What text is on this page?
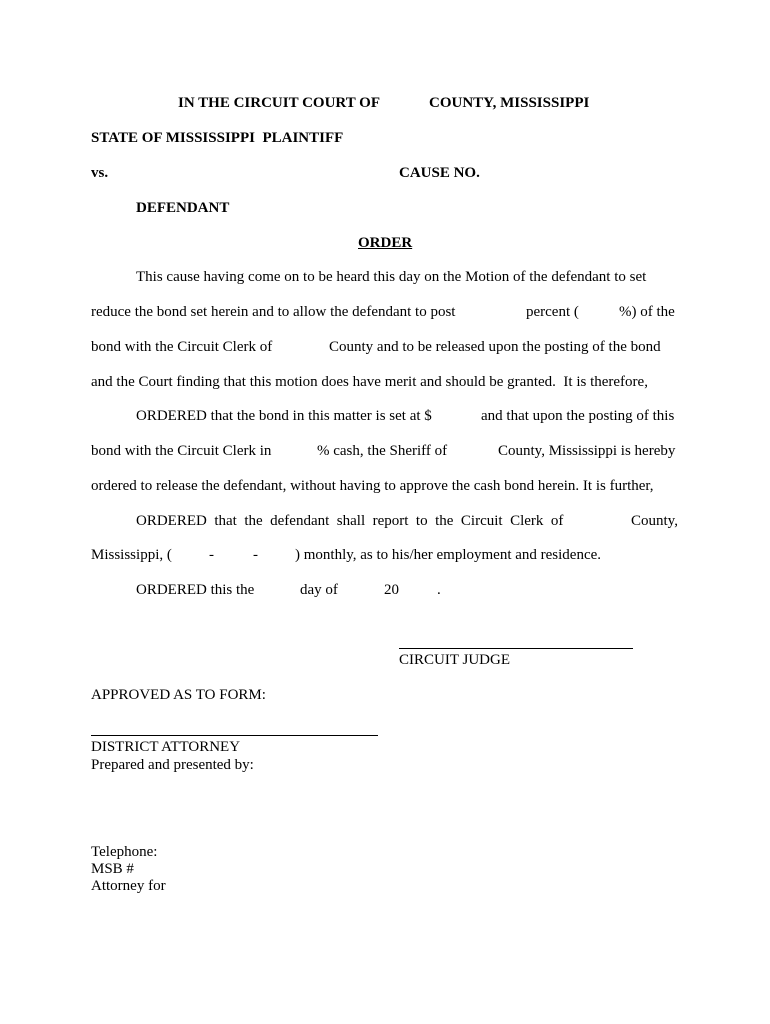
IN THE CIRCUIT COURT OF	COUNTY, MISSISSIPPI
STATE OF MISSISSIPPI  PLAINTIFF
vs.	CAUSE NO.
DEFENDANT
ORDER
This cause having come on to be heard this day on the Motion of the defendant to set
reduce the bond set herein and to allow the defendant to post	percent (	%) of the
bond with the Circuit Clerk of	County and to be released upon the posting of the bond
and the Court finding that this motion does have merit and should be granted.  It is therefore,
ORDERED that the bond in this matter is set at $	and that upon the posting of this
bond with the Circuit Clerk in	% cash, the Sheriff of	County, Mississippi is hereby
ordered to release the defendant, without having to approve the cash bond herein. It is further,
ORDERED  that  the  defendant  shall  report  to  the  Circuit  Clerk  of	County,
Mississippi, ( -	- ) monthly, as to his/her employment and residence.
ORDERED this the	day of	20	.
CIRCUIT JUDGE
APPROVED AS TO FORM:
DISTRICT ATTORNEY
Prepared and presented by:
Telephone:
MSB #
Attorney for
